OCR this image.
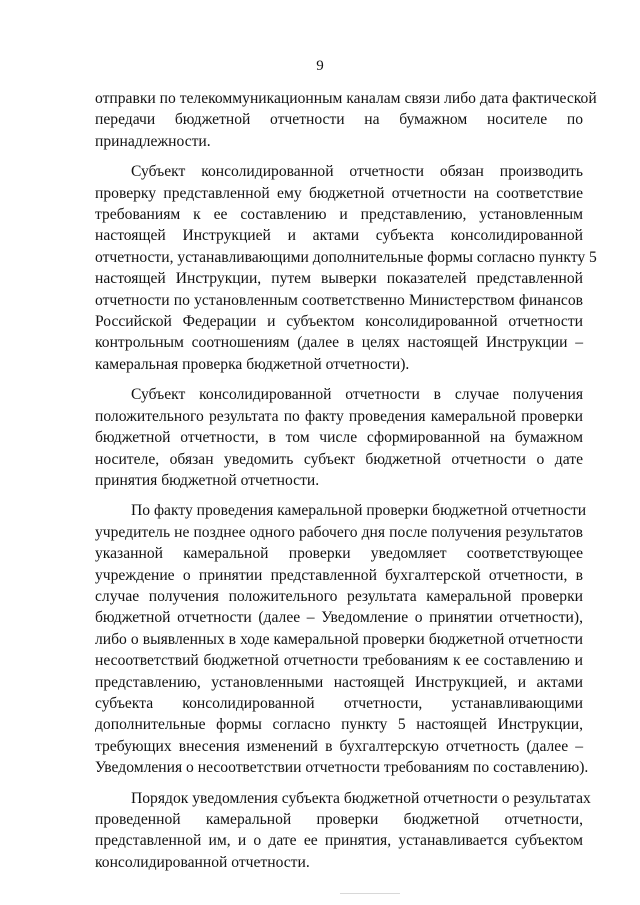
9

отправки по телекоммуникационным каналам связи либо дата фактической
передачи бюджетной отчетности на бумажном носителе по
принадлежности.

Субъект консолидированной отчетности обязан производить
проверку представленной ему бюджетной отчетности на соответствие
требованиям к ее составлению и представлению, установленным
настоящей Инструкцией и актами субъекта консолидированной
отчетности, устанавливающими дополнительные формы согласно пункту 5
настоящей Инструкции, путем выверки показателей представленной
отчетности по установленным соответственно Министерством финансов
Российской Федерации и субъектом консолидированной отчетности
контрольным соотношениям (далее в целях настоящей Инструкции –
камеральная проверка бюджетной отчетности).

Субъект консолидированной отчетности в случае получения
положительного результата по факту проведения камеральной проверки
бюджетной отчетности, в том числе сформированной на бумажном
носителе, обязан уведомить субъект бюджетной отчетности о дате
принятия бюджетной отчетности.

По факту проведения камеральной проверки бюджетной отчетности
учредитель не позднее одного рабочего дня после получения результатов
указанной камеральной проверки уведомляет соответствующее
учреждение о принятии представленной бухгалтерской отчетности, в
случае получения положительного результата камеральной проверки
бюджетной отчетности (далее – Уведомление о принятии отчетности),
либо о выявленных в ходе камеральной проверки бюджетной отчетности
несоответствий бюджетной отчетности требованиям к ее составлению и
представлению, установленными настоящей Инструкцией, и актами
субъекта консолидированной отчетности, устанавливающими
дополнительные формы согласно пункту 5 настоящей Инструкции,
требующих внесения изменений в бухгалтерскую отчетность (далее –
Уведомления о несоответствии отчетности требованиям по составлению).

Порядок уведомления субъекта бюджетной отчетности о результатах
проведенной камеральной проверки бюджетной отчетности,
представленной им, и о дате ее принятия, устанавливается субъектом
консолидированной отчетности.
